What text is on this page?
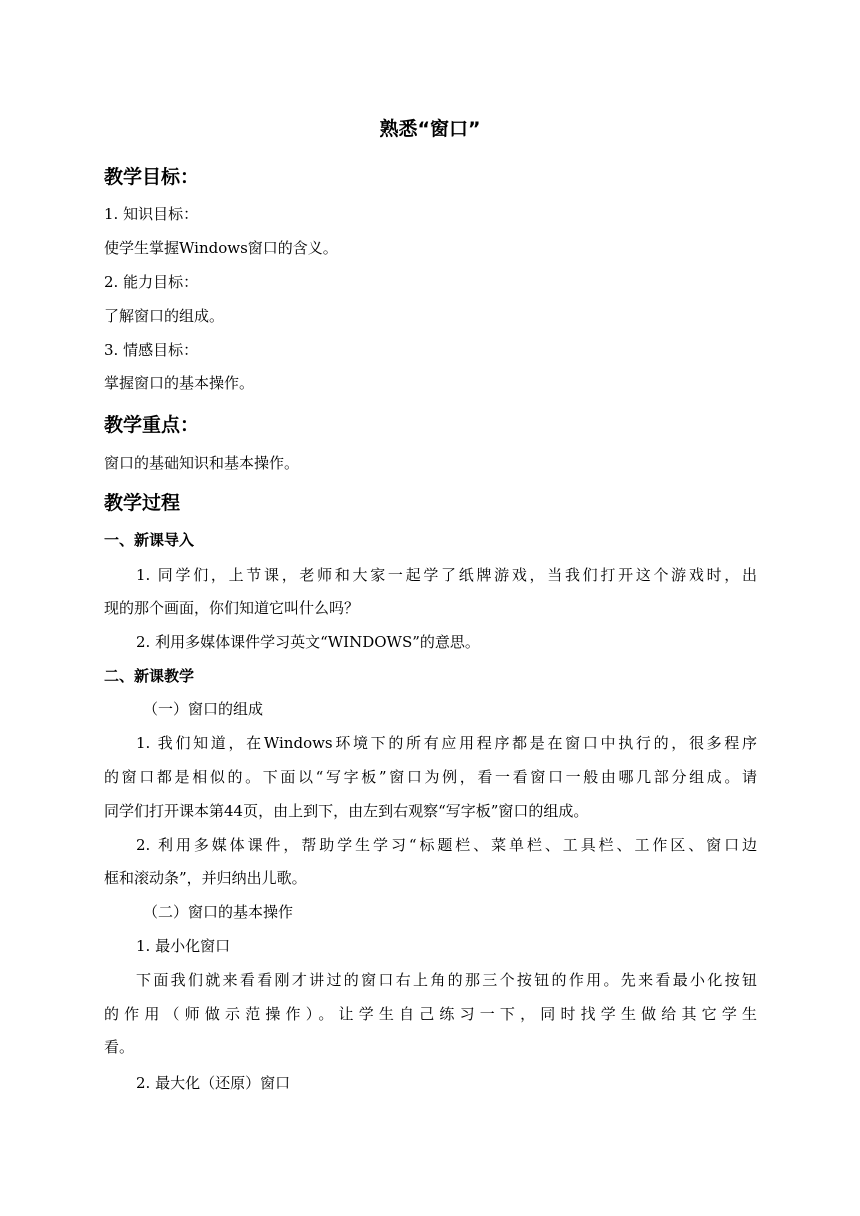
熟悉“窗口”
教学目标：
1. 知识目标：
使学生掌握Windows窗口的含义。
2. 能力目标：
了解窗口的组成。
3. 情感目标：
掌握窗口的基本操作。
教学重点：
窗口的基础知识和基本操作。
教学过程
一、新课导入
1. 同学们，上节课，老师和大家一起学了纸牌游戏，当我们打开这个游戏时，出
现的那个画面，你们知道它叫什么吗？
2. 利用多媒体课件学习英文“WINDOWS”的意思。
二、新课教学
（一）窗口的组成
1. 我们知道，在Windows环境下的所有应用程序都是在窗口中执行的，很多程序
的窗口都是相似的。下面以“写字板”窗口为例，看一看窗口一般由哪几部分组成。请
同学们打开课本第44页，由上到下，由左到右观察“写字板”窗口的组成。
2. 利用多媒体课件，帮助学生学习“标题栏、菜单栏、工具栏、工作区、窗口边
框和滚动条”，并归纳出儿歌。
（二）窗口的基本操作
1. 最小化窗口
下面我们就来看看刚才讲过的窗口右上角的那三个按钮的作用。先来看最小化按钮
的作用（师做示范操作）。让学生自己练习一下，同时找学生做给其它学生
看。
2. 最大化（还原）窗口
